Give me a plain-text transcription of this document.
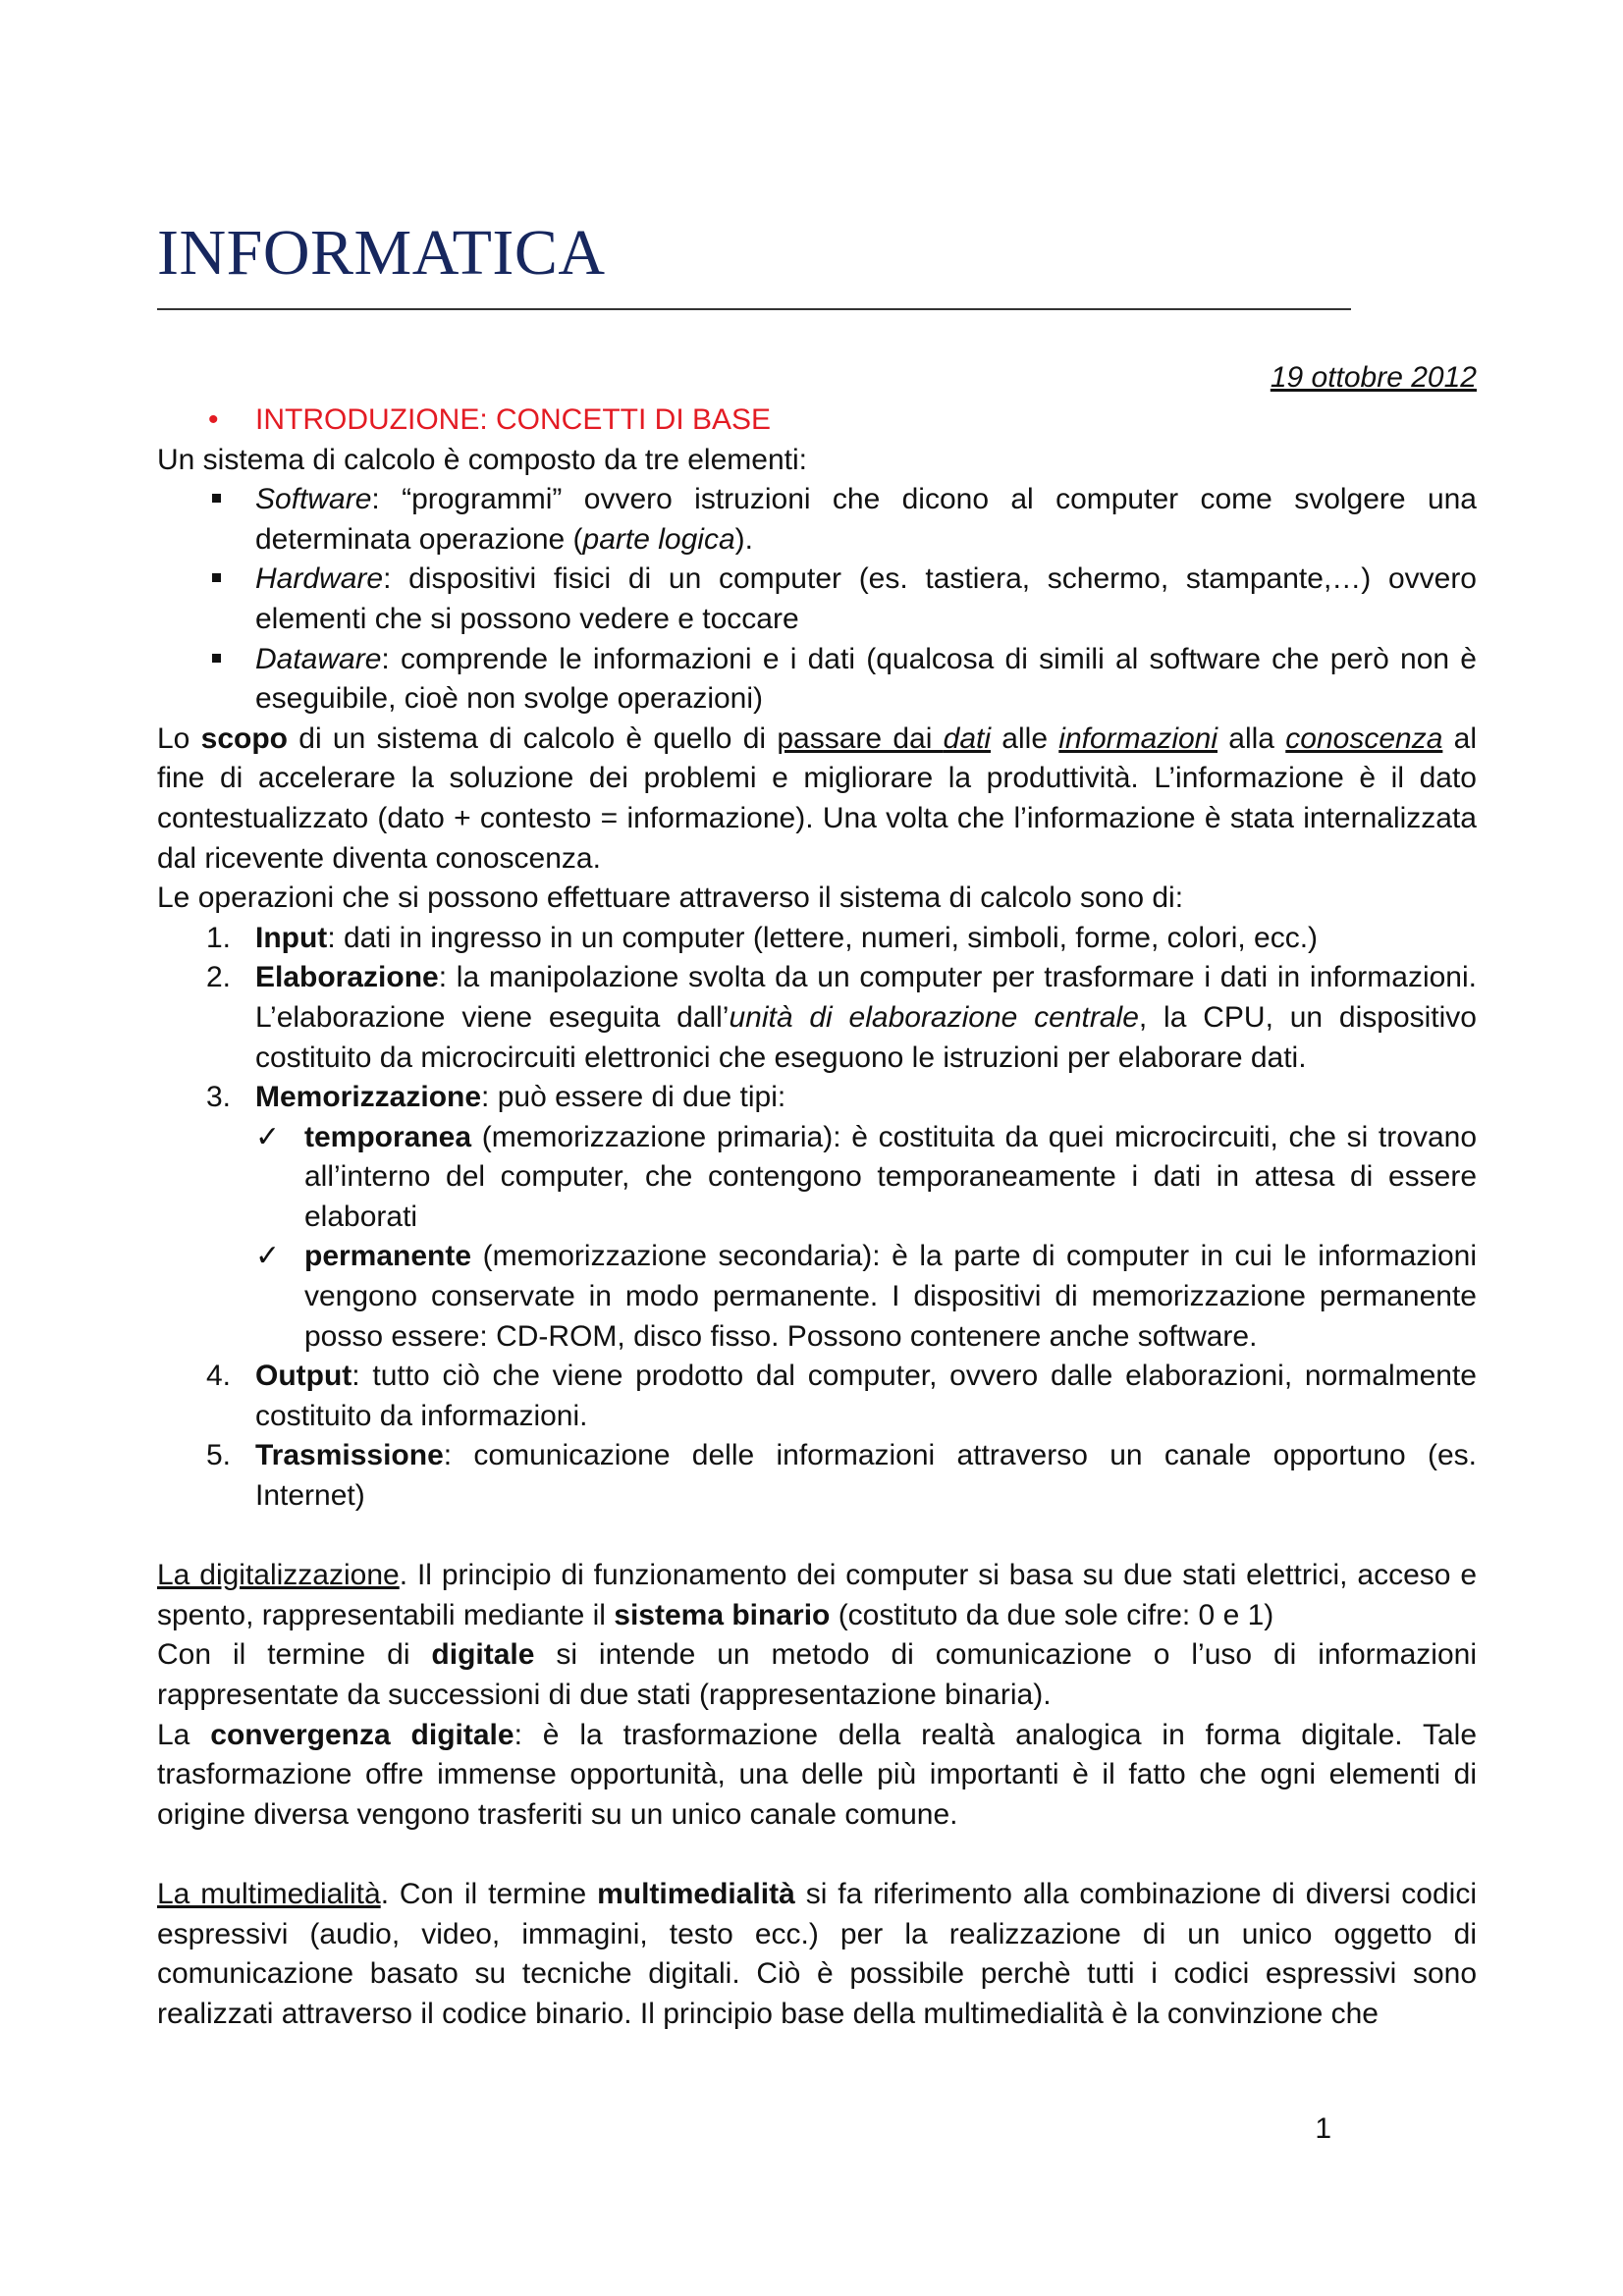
INFORMATICA
19 ottobre 2012
• INTRODUZIONE: CONCETTI DI BASE

Un sistema di calcolo è composto da tre elementi:

Software: “programmi” ovvero istruzioni che dicono al computer come svolgere una determinata operazione (parte logica).
Hardware: dispositivi fisici di un computer (es. tastiera, schermo, stampante,…) ovvero elementi che si possono vedere e toccare
Dataware: comprende le informazioni e i dati (qualcosa di simili al software che però non è eseguibile, cioè non svolge operazioni)

Lo scopo di un sistema di calcolo è quello di passare dai dati alle informazioni alla conoscenza al fine di accelerare la soluzione dei problemi e migliorare la produttività. L’informazione è il dato contestualizzato (dato + contesto = informazione). Una volta che l’informazione è stata internalizzata dal ricevente diventa conoscenza.

Le operazioni che si possono effettuare attraverso il sistema di calcolo sono di:

1. Input: dati in ingresso in un computer (lettere, numeri, simboli, forme, colori, ecc.)
2. Elaborazione: la manipolazione svolta da un computer per trasformare i dati in informazioni. L’elaborazione viene eseguita dall’unità di elaborazione centrale, la CPU, un dispositivo costituito da microcircuiti elettronici che eseguono le istruzioni per elaborare dati.
3. Memorizzazione: può essere di due tipi:
✓ temporanea (memorizzazione primaria): è costituita da quei microcircuiti, che si trovano all’interno del computer, che contengono temporaneamente i dati in attesa di essere elaborati
✓ permanente (memorizzazione secondaria): è la parte di computer in cui le informazioni vengono conservate in modo permanente. I dispositivi di memorizzazione permanente posso essere: CD-ROM, disco fisso. Possono contenere anche software.
4. Output: tutto ciò che viene prodotto dal computer, ovvero dalle elaborazioni, normalmente costituito da informazioni.
5. Trasmissione: comunicazione delle informazioni attraverso un canale opportuno (es. Internet)

La digitalizzazione. Il principio di funzionamento dei computer si basa su due stati elettrici, acceso e spento, rappresentabili mediante il sistema binario (costituto da due sole cifre: 0 e 1)

Con il termine di digitale si intende un metodo di comunicazione o l’uso di informazioni rappresentate da successioni di due stati (rappresentazione binaria).

La convergenza digitale: è la trasformazione della realtà analogica in forma digitale. Tale trasformazione offre immense opportunità, una delle più importanti è il fatto che ogni elementi di origine diversa vengono trasferiti su un unico canale comune.

La multimedialità. Con il termine multimedialità si fa riferimento alla combinazione di diversi codici espressivi (audio, video, immagini, testo ecc.) per la realizzazione di un unico oggetto di comunicazione basato su tecniche digitali. Ciò è possibile perchè tutti i codici espressivi sono realizzati attraverso il codice binario. Il principio base della multimedialità è la convinzione che

1
